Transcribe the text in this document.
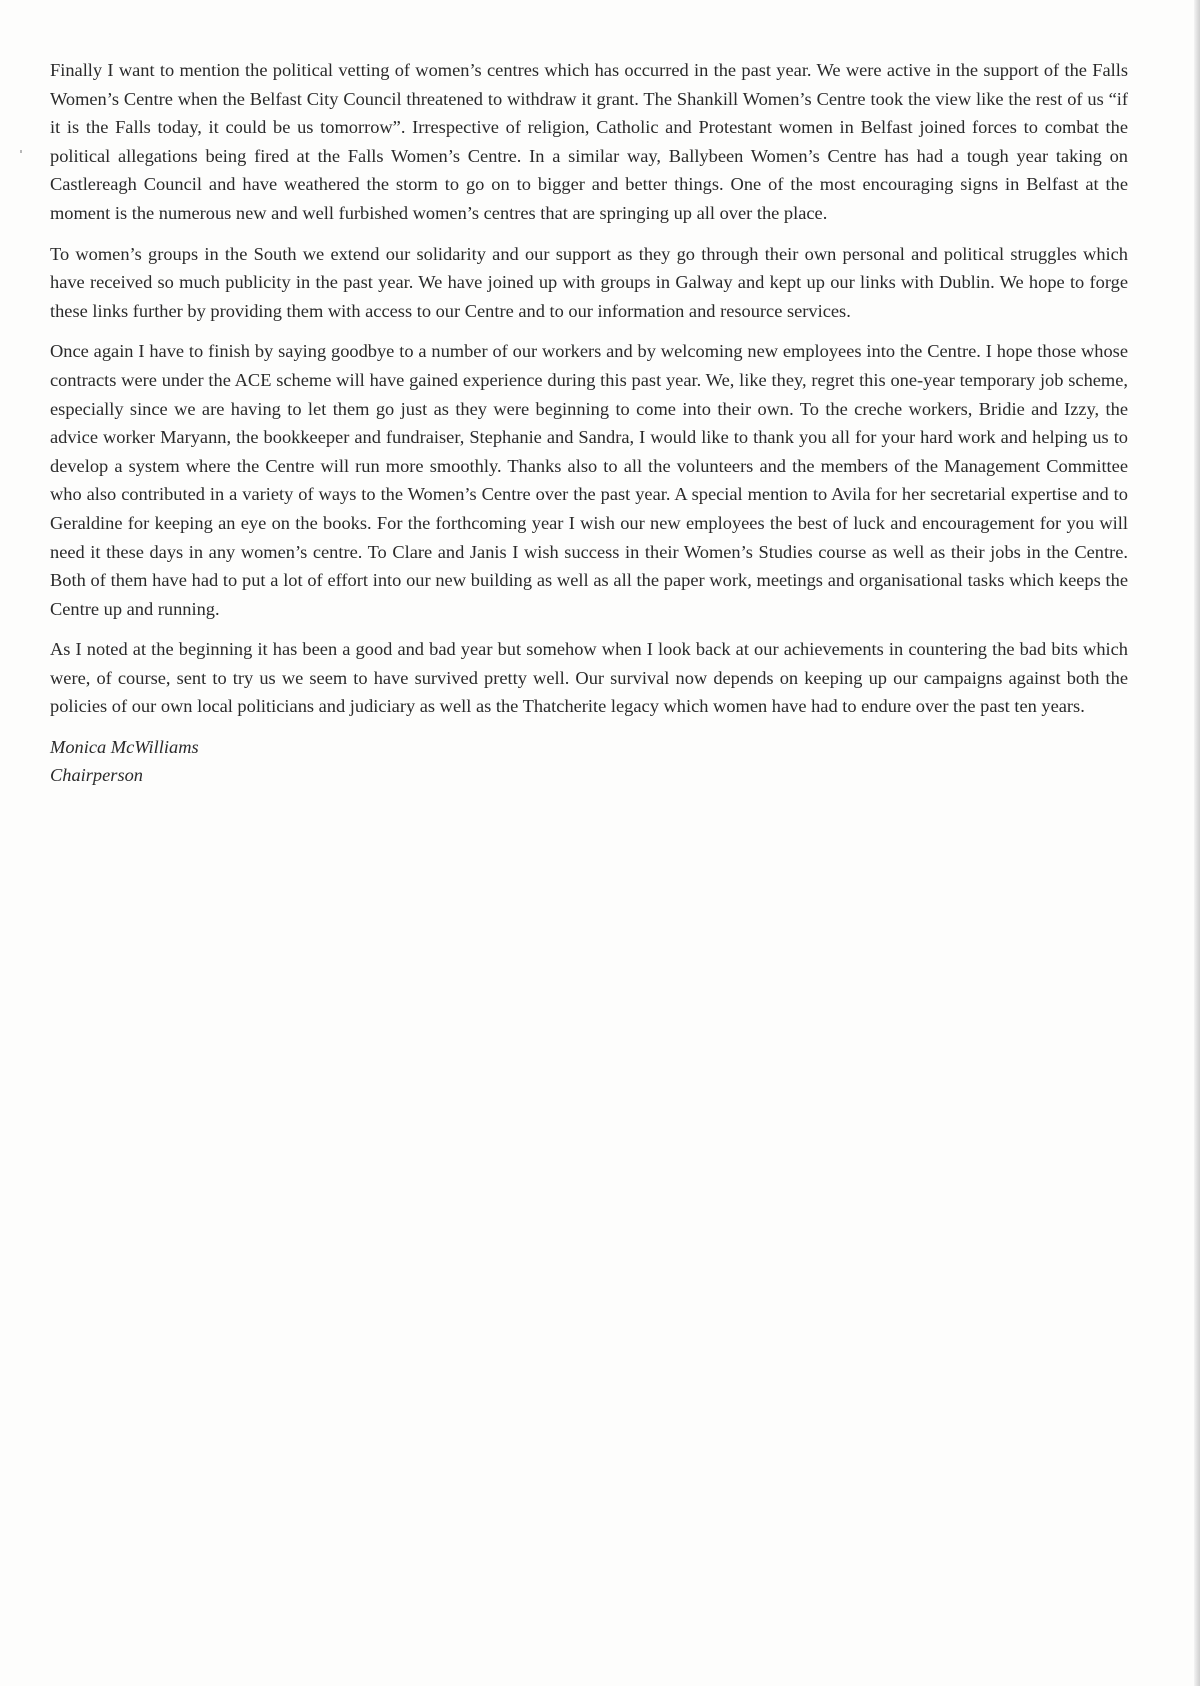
Finally I want to mention the political vetting of women’s centres which has occurred in the past year. We were active in the support of the Falls Women’s Centre when the Belfast City Council threatened to withdraw it grant. The Shankill Women’s Centre took the view like the rest of us “if it is the Falls today, it could be us tomorrow”. Irrespective of religion, Catholic and Protestant women in Belfast joined forces to combat the political allegations being fired at the Falls Women’s Centre. In a similar way, Ballybeen Women’s Centre has had a tough year taking on Castlereagh Council and have weathered the storm to go on to bigger and better things. One of the most encouraging signs in Belfast at the moment is the numerous new and well furbished women’s centres that are springing up all over the place.

To women’s groups in the South we extend our solidarity and our support as they go through their own personal and political struggles which have received so much publicity in the past year. We have joined up with groups in Galway and kept up our links with Dublin. We hope to forge these links further by providing them with access to our Centre and to our information and resource services.

Once again I have to finish by saying goodbye to a number of our workers and by welcoming new employees into the Centre. I hope those whose contracts were under the ACE scheme will have gained experience during this past year. We, like they, regret this one-year temporary job scheme, especially since we are having to let them go just as they were beginning to come into their own. To the creche workers, Bridie and Izzy, the advice worker Maryann, the bookkeeper and fundraiser, Stephanie and Sandra, I would like to thank you all for your hard work and helping us to develop a system where the Centre will run more smoothly. Thanks also to all the volunteers and the members of the Management Committee who also contributed in a variety of ways to the Women’s Centre over the past year. A special mention to Avila for her secretarial expertise and to Geraldine for keeping an eye on the books. For the forthcoming year I wish our new employees the best of luck and encouragement for you will need it these days in any women’s centre. To Clare and Janis I wish success in their Women’s Studies course as well as their jobs in the Centre. Both of them have had to put a lot of effort into our new building as well as all the paper work, meetings and organisational tasks which keeps the Centre up and running.

As I noted at the beginning it has been a good and bad year but somehow when I look back at our achievements in countering the bad bits which were, of course, sent to try us we seem to have survived pretty well. Our survival now depends on keeping up our campaigns against both the policies of our own local politicians and judiciary as well as the Thatcherite legacy which women have had to endure over the past ten years.

Monica McWilliams
Chairperson
